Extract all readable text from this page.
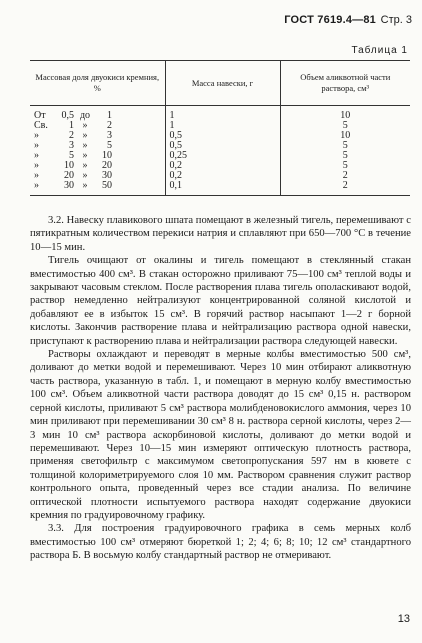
ГОСТ 7619.4—81 Стр. 3
Таблица 1
Массовая доля двуокиси кремния, %	Масса навески, г	Объем аликвотной части раствора, см³
От 0,5 до 1	1	10
Св. 1 » 2	1	5
» 2 » 3	0,5	10
» 3 » 5	0,5	5
» 5 » 10	0,25	5
» 10 » 20	0,2	5
» 20 » 30	0,2	2
» 30 » 50	0,1	2

3.2. Навеску плавикового шпата помещают в железный тигель, перемешивают с пятикратным количеством перекиси натрия и сплавляют при 650—700 °С в течение 10—15 мин.

Тигель очищают от окалины и тигель помещают в стеклянный стакан вместимостью 400 см³. В стакан осторожно приливают 75—100 см³ теплой воды и закрывают часовым стеклом. После растворения плава тигель ополаскивают водой, раствор немедленно нейтрализуют концентрированной соляной кислотой и добавляют ее в избыток 15 см³. В горячий раствор насыпают 1—2 г борной кислоты. Закончив растворение плава и нейтрализацию раствора одной навески, приступают к растворению плава и нейтрализации раствора следующей навески.

Растворы охлаждают и переводят в мерные колбы вместимостью 500 см³, доливают до метки водой и перемешивают. Через 10 мин отбирают аликвотную часть раствора, указанную в табл. 1, и помещают в мерную колбу вместимостью 100 см³. Объем аликвотной части раствора доводят до 15 см³ 0,15 н. раствором серной кислоты, приливают 5 см³ раствора молибденовокислого аммония, через 10 мин приливают при перемешивании 30 см³ 8 н. раствора серной кислоты, через 2—3 мин 10 см³ раствора аскорбиновой кислоты, доливают до метки водой и перемешивают. Через 10—15 мин измеряют оптическую плотность раствора, применяя светофильтр с максимумом светопропускания 597 нм в кювете с толщиной колориметрируемого слоя 10 мм. Раствором сравнения служит раствор контрольного опыта, проведенный через все стадии анализа. По величине оптической плотности испытуемого раствора находят содержание двуокиси кремния по градуировочному графику.

3.3. Для построения градуировочного графика в семь мерных колб вместимостью 100 см³ отмеряют бюреткой 1; 2; 4; 6; 8; 10; 12 см³ стандартного раствора Б. В восьмую колбу стандартный раствор не отмеривают.

13
